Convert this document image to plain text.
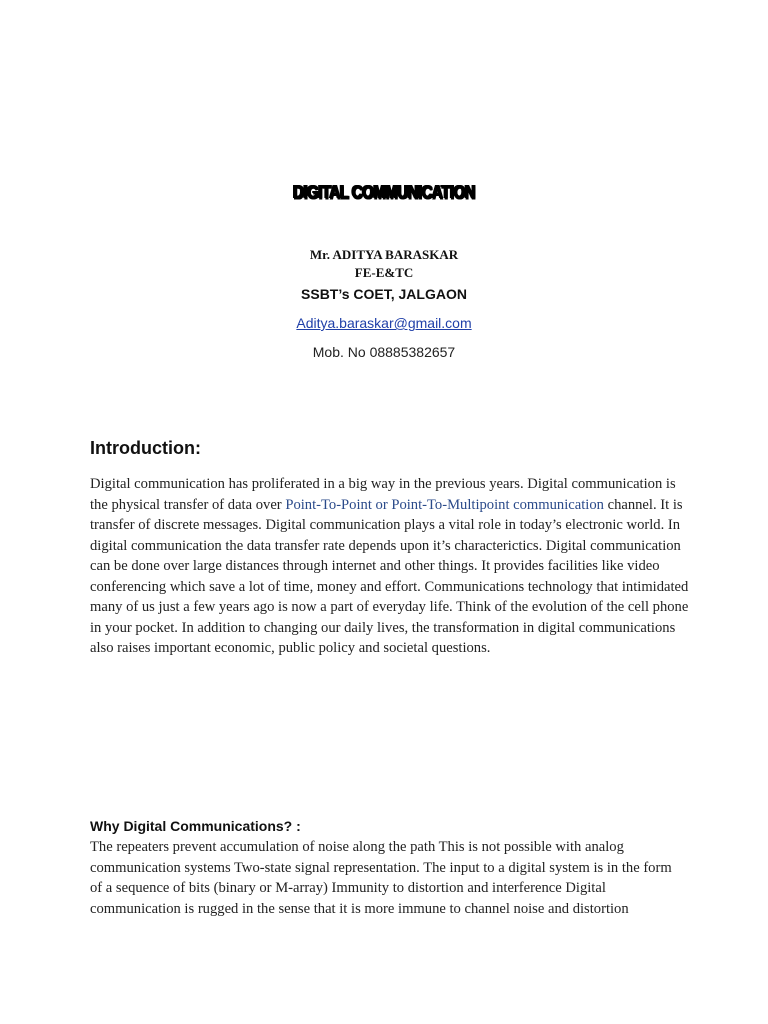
DIGITAL COMMUNICATION
Mr. ADITYA BARASKAR
FE-E&TC
SSBT’s COET, JALGAON
Aditya.baraskar@gmail.com
Mob. No 08885382657
Introduction:

Digital communication has proliferated in a big way in the previous years. Digital communication is the physical transfer of data over Point-To-Point or Point-To-Multipoint communication channel. It is transfer of discrete messages. Digital communication plays a vital role in today’s electronic world. In digital communication the data transfer rate depends upon it’s characterictics. Digital communication can be done over large distances through internet and other things. It provides facilities like video conferencing which save a lot of time, money and effort. Communications technology that intimidated many of us just a few years ago is now a part of everyday life. Think of the evolution of the cell phone in your pocket. In addition to changing our daily lives, the transformation in digital communications also raises important economic, public policy and societal questions.

Why Digital Communications? :

The repeaters prevent accumulation of noise along the path This is not possible with analog communication systems Two-state signal representation. The input to a digital system is in the form of a sequence of bits (binary or M-array) Immunity to distortion and interference Digital communication is rugged in the sense that it is more immune to channel noise and distortion
